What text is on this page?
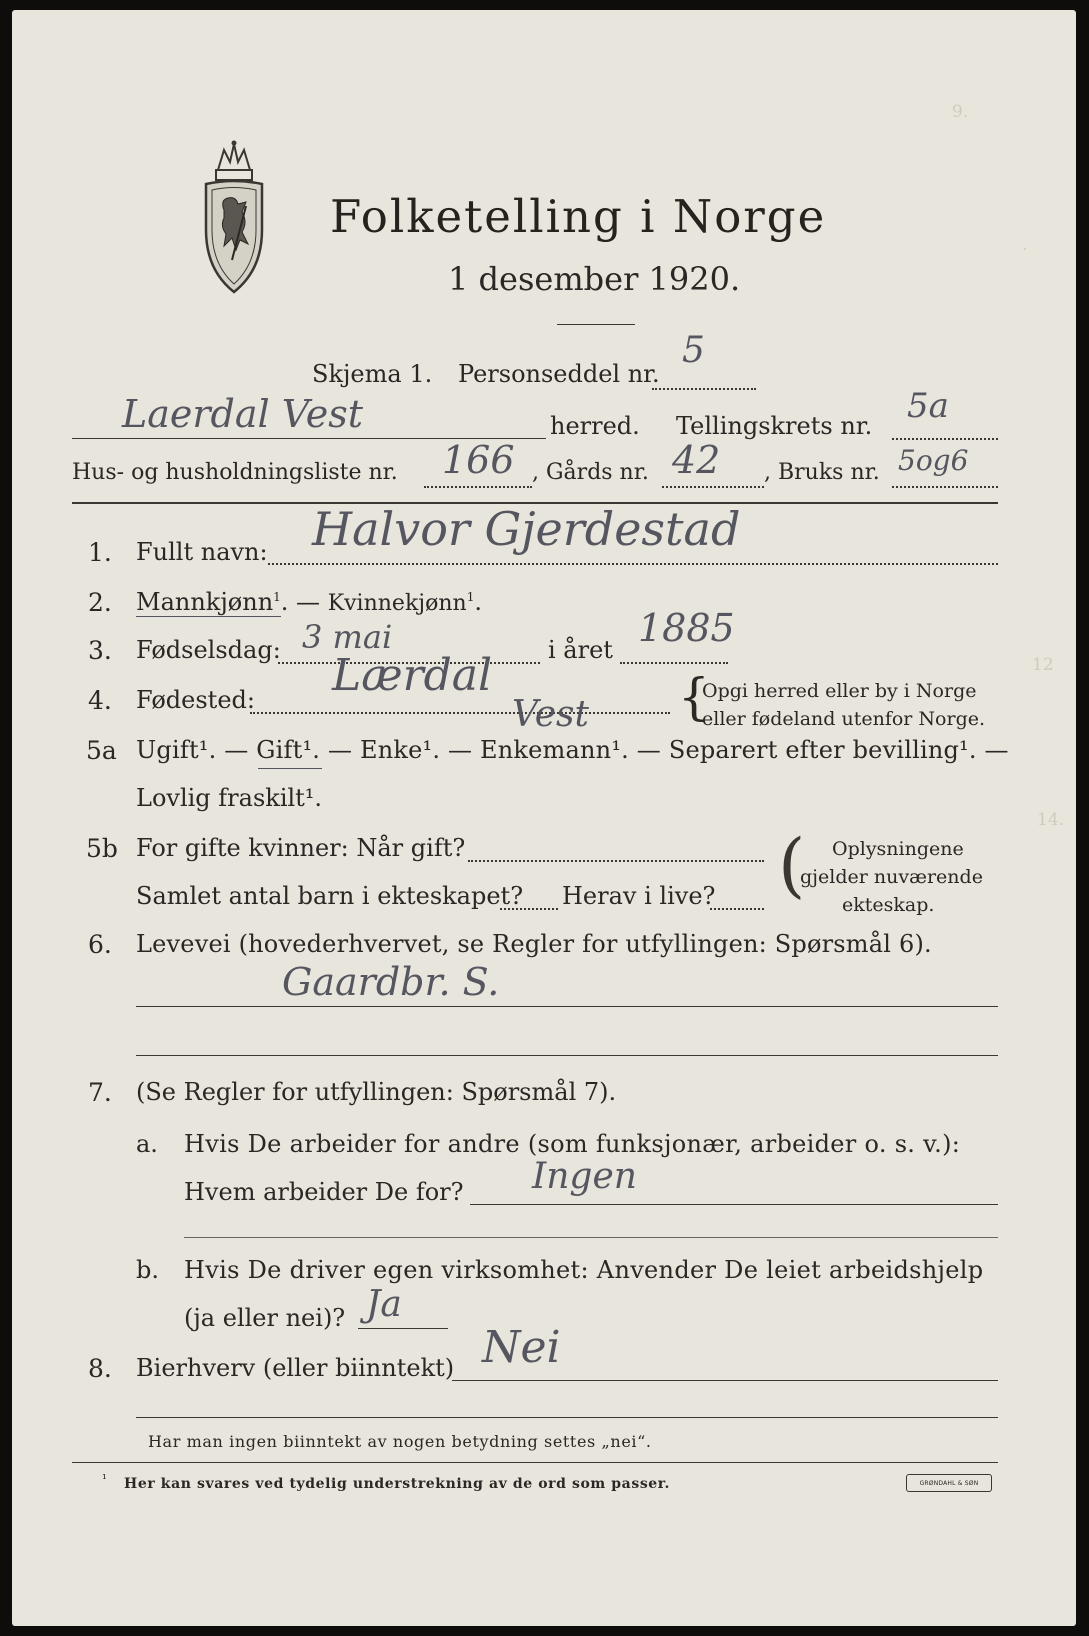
9.
.
12
14.
Folketelling i Norge
1 desember 1920.
Skjema 1. Personseddel nr.
5
Laerdal Vest	herred. Tellingskrets nr. 5a
Hus- og husholdningsliste nr. 166 , Gårds nr. 42 , Bruks nr. 5og6
1. Fullt navn: Halvor Gjerdestad
2. Mannkjønn$^1$. — Kvinnekjønn$^1$.
3. Fødselsdag: 3 mai	i året 1885
4. Fødested: Lærdal
Vest {
Opgi herred eller by i Norge
eller fødeland utenfor Norge.
5a Ugift¹. — Gift¹. — Enke¹. — Enkemann¹. — Separert efter bevilling¹. —
Lovlig fraskilt¹.
5b For gifte kvinner: Når gift?
Samlet antal barn i ekteskapet? Herav i live? ( Oplysningene
gjelder nuværende
ekteskap.
6. Levevei (hovederhvervet, se Regler for utfyllingen: Spørsmål 6).
Gaardbr. S.
7. (Se Regler for utfyllingen: Spørsmål 7).
a. Hvis De arbeider for andre (som funksjonær, arbeider o. s. v.):
Hvem arbeider De for? Ingen
b. Hvis De driver egen virksomhet: Anvender De leiet arbeidshjelp
(ja eller nei)? Ja
8. Bierhverv (eller biinntekt) Nei
Har man ingen biinntekt av nogen betydning settes „nei“.
¹ Her kan svares ved tydelig understrekning av de ord som passer.	GRØNDAHL & SØN
